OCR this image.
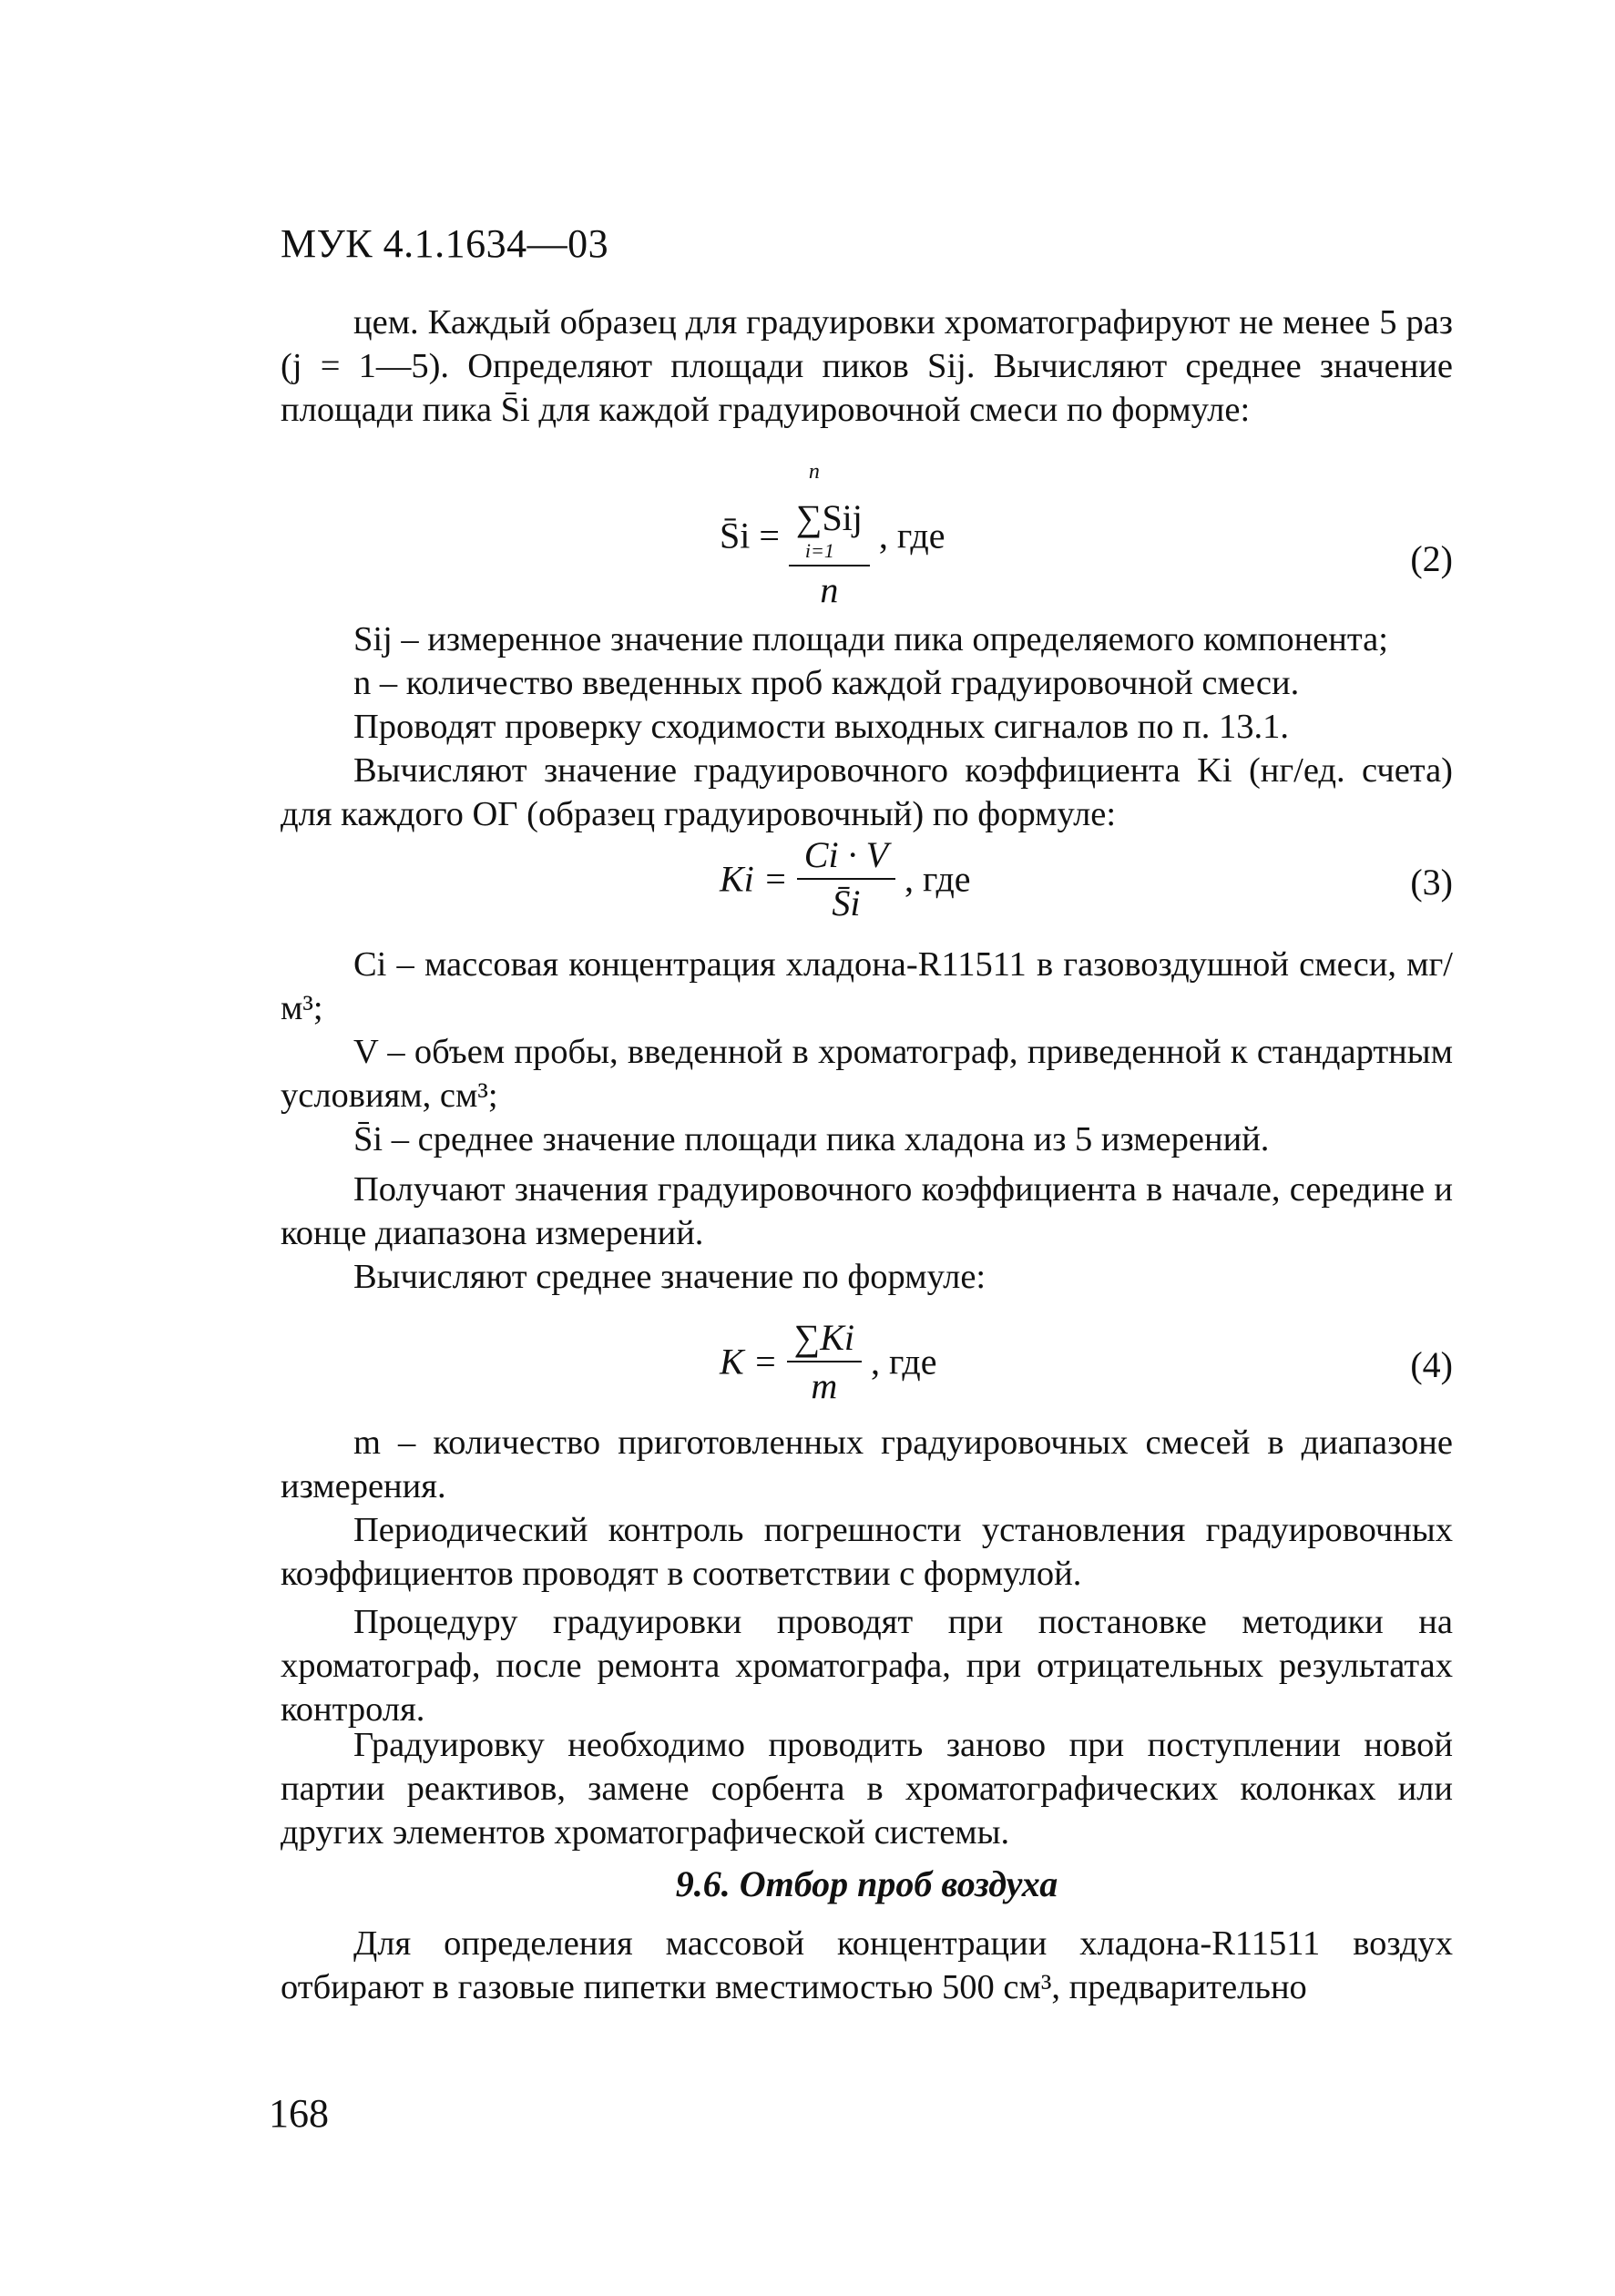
МУК 4.1.1634—03
цем. Каждый образец для градуировки хроматографируют не менее 5 раз (j = 1—5). Определяют площади пиков Sij. Вычисляют среднее значение площади пика S̄i для каждой градуировочной смеси по формуле:
S̄i = n
∑Sij
i=1
n , где
(2)
Sij – измеренное значение площади пика определяемого компонента;
n – количество введенных проб каждой градуировочной смеси.
Проводят проверку сходимости выходных сигналов по п. 13.1.
Вычисляют значение градуировочного коэффициента Ki (нг/ед. счета) для каждого ОГ (образец градуировочный) по формуле:
$Ki = \frac{Ci \cdot V}{S̄i}$ , где	(3)
Ci – массовая концентрация хладона-R11511 в газовоздушной смеси, мг/м³;
V – объем пробы, введенной в хроматограф, приведенной к стандартным условиям, см³;
S̄i – среднее значение площади пика хладона из 5 измерений.
Получают значения градуировочного коэффициента в начале, середине и конце диапазона измерений.
Вычисляют среднее значение по формуле:
$K = \frac{\sum Ki}{m}$ , где	(4)
m – количество приготовленных градуировочных смесей в диапазоне измерения.
Периодический контроль погрешности установления градуировочных коэффициентов проводят в соответствии с формулой.
Процедуру градуировки проводят при постановке методики на хроматограф, после ремонта хроматографа, при отрицательных результатах контроля.
Градуировку необходимо проводить заново при поступлении новой партии реактивов, замене сорбента в хроматографических колонках или других элементов хроматографической системы.
9.6. Отбор проб воздуха
Для определения массовой концентрации хладона-R11511 воздух отбирают в газовые пипетки вместимостью 500 см³, предварительно
168
